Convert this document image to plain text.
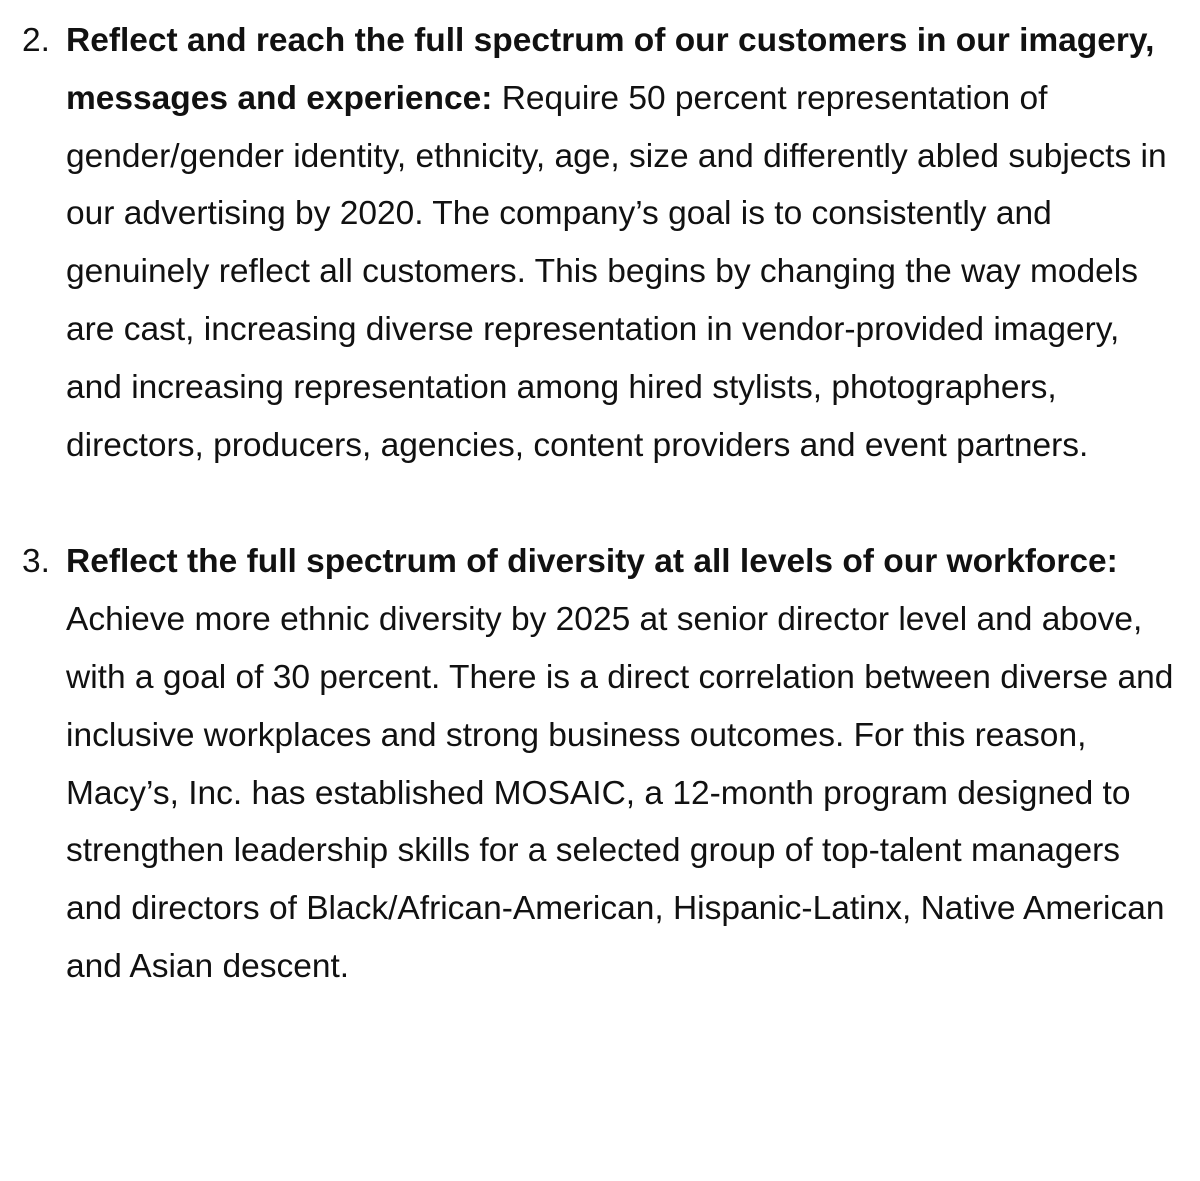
2. Reflect and reach the full spectrum of our customers in our imagery, messages and experience: Require 50 percent representation of gender/gender identity, ethnicity, age, size and differently abled subjects in our advertising by 2020. The company’s goal is to consistently and genuinely reflect all customers. This begins by changing the way models are cast, increasing diverse representation in vendor-provided imagery, and increasing representation among hired stylists, photographers, directors, producers, agencies, content providers and event partners.
3. Reflect the full spectrum of diversity at all levels of our workforce: Achieve more ethnic diversity by 2025 at senior director level and above, with a goal of 30 percent. There is a direct correlation between diverse and inclusive workplaces and strong business outcomes. For this reason, Macy’s, Inc. has established MOSAIC, a 12-month program designed to strengthen leadership skills for a selected group of top-talent managers and directors of Black/African-American, Hispanic-Latinx, Native American and Asian descent.
